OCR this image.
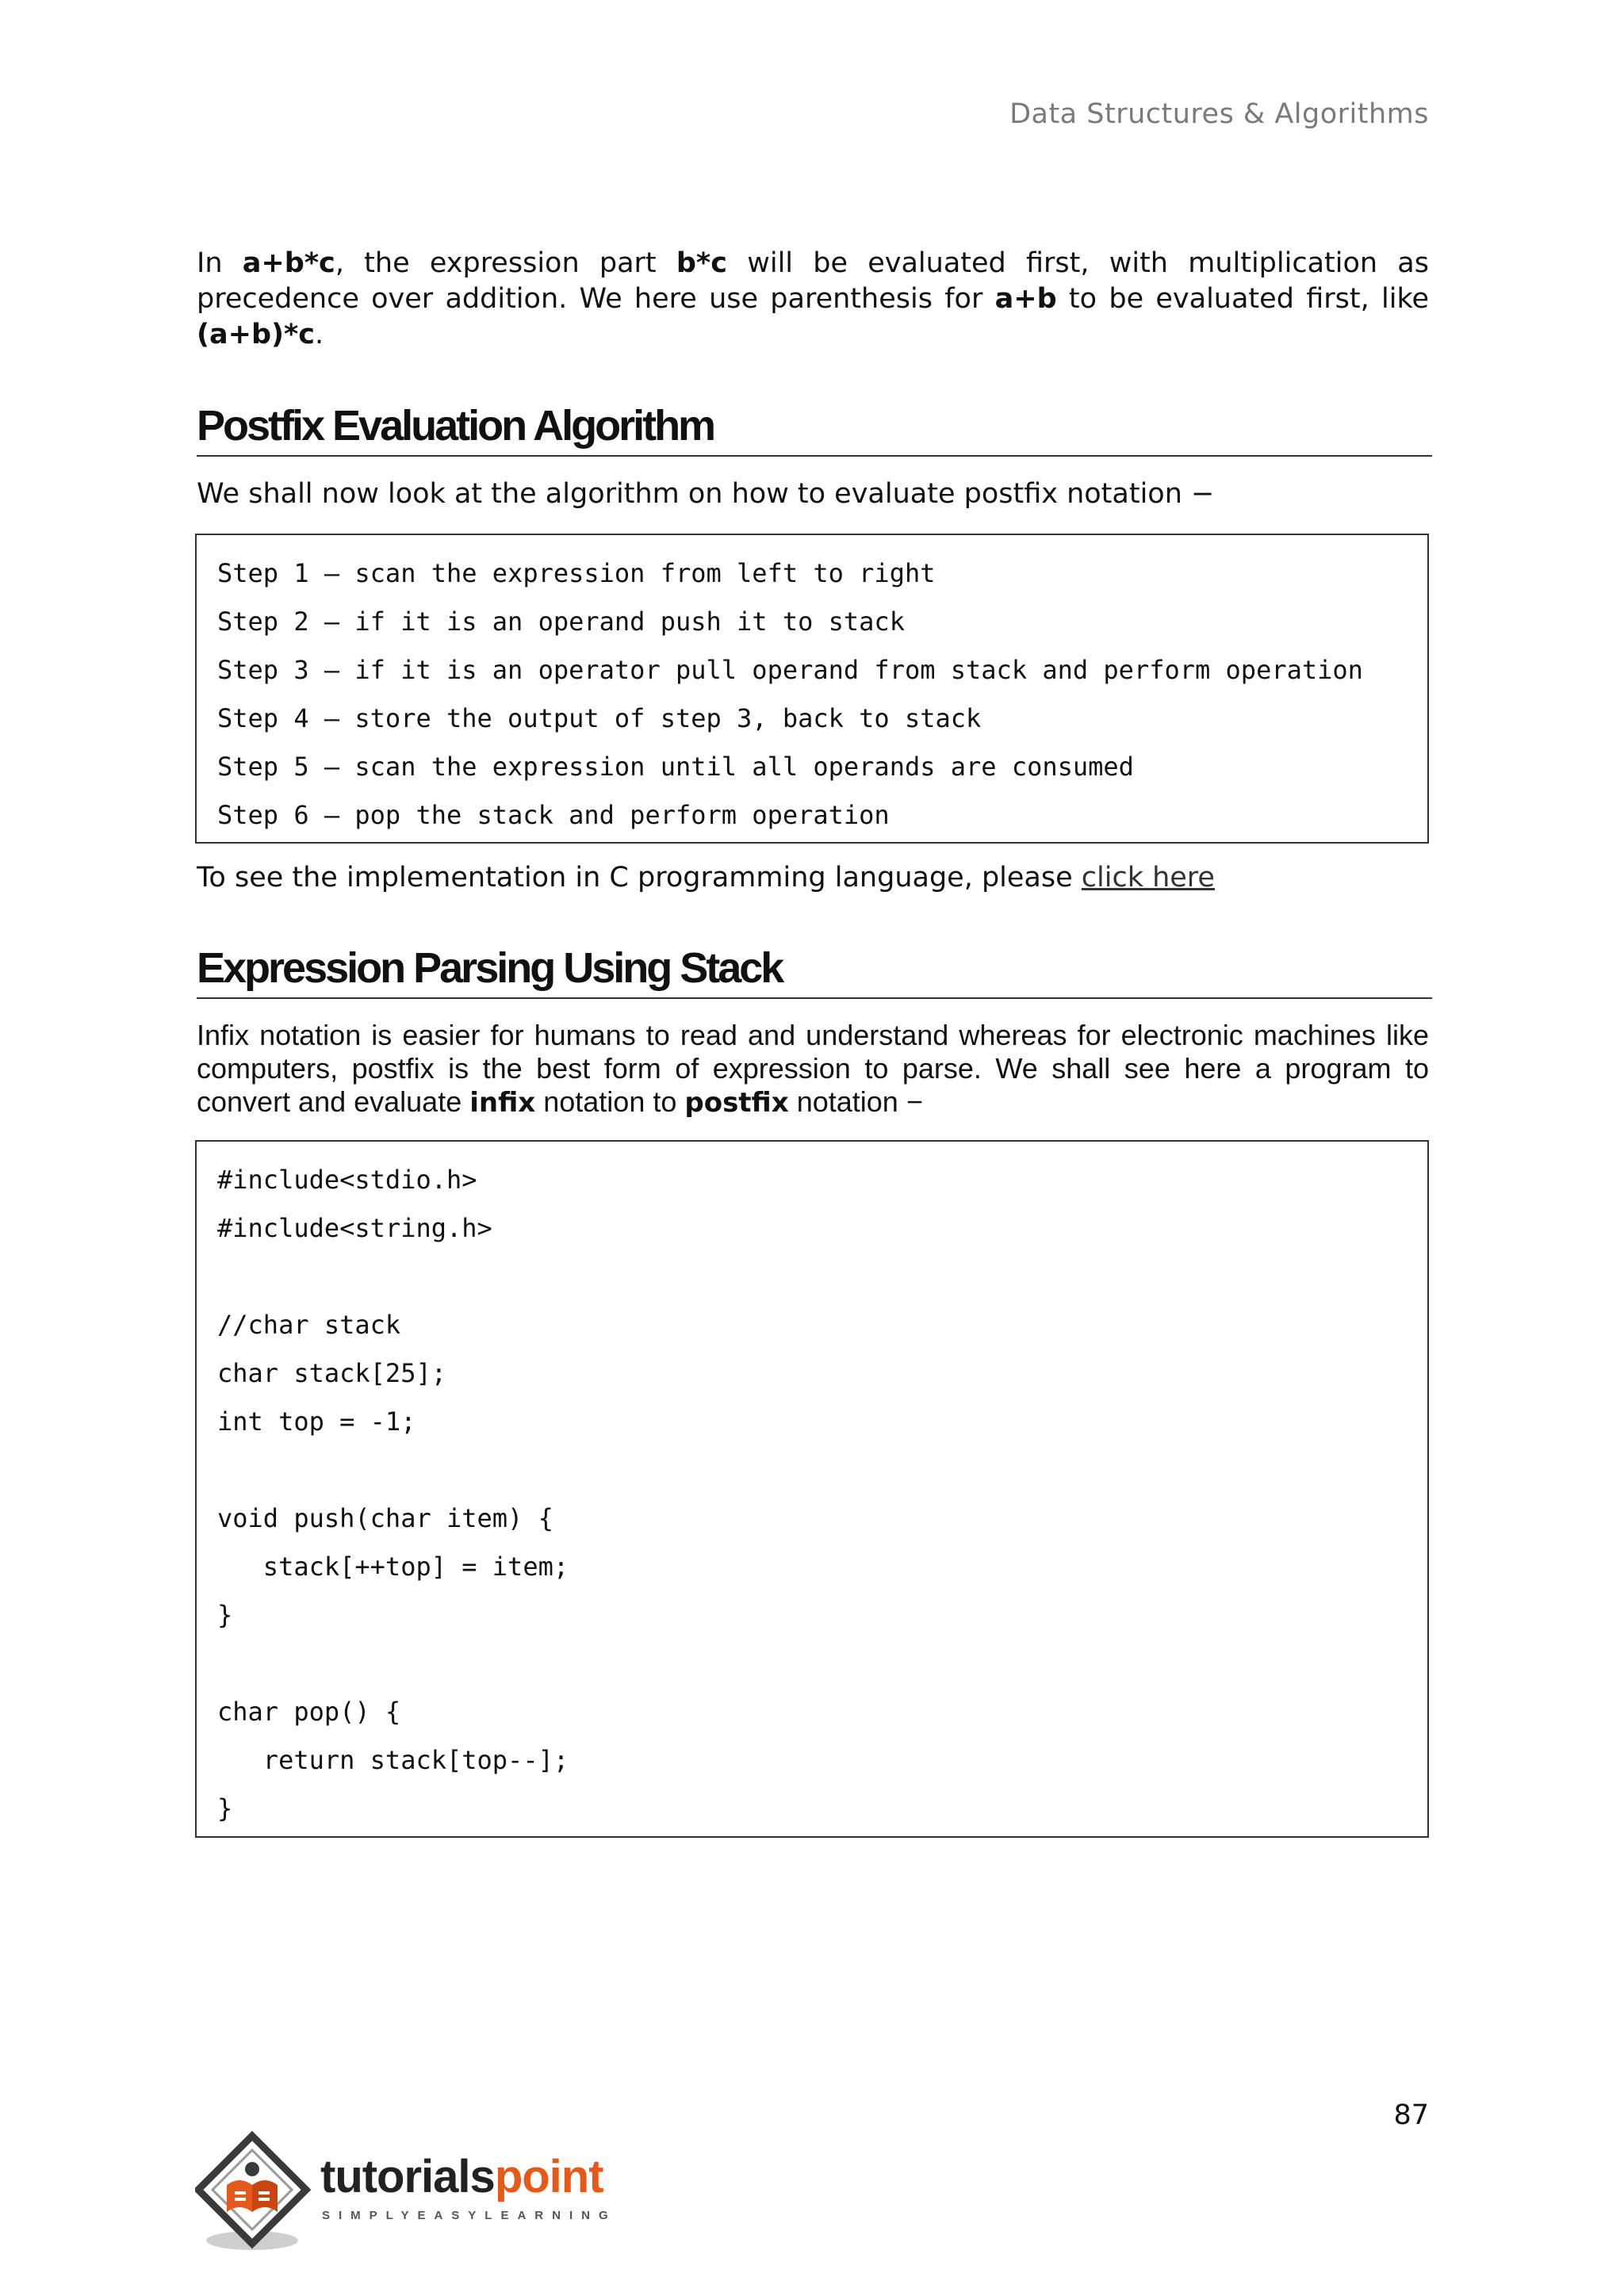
Data Structures & Algorithms

In a+b*c, the expression part b*c will be evaluated first, with multiplication as precedence over addition. We here use parenthesis for a+b to be evaluated first, like (a+b)*c.

Postfix Evaluation Algorithm
We shall now look at the algorithm on how to evaluate postfix notation −
Step 1 – scan the expression from left to right
Step 2 – if it is an operand push it to stack
Step 3 – if it is an operator pull operand from stack and perform operation
Step 4 – store the output of step 3, back to stack
Step 5 – scan the expression until all operands are consumed
Step 6 – pop the stack and perform operation
To see the implementation in C programming language, please click here
Expression Parsing Using Stack

Infix notation is easier for humans to read and understand whereas for electronic machines like computers, postfix is the best form of expression to parse. We shall see here a program to convert and evaluate infix notation to postfix notation −

#include<stdio.h>
#include<string.h>
//char stack
char stack[25];
int top = -1;
void push(char item) {
stack[++top] = item;
}
char pop() {
return stack[top--];
}
87
tutorialspoint
SIMPLYEASYLEARNING
